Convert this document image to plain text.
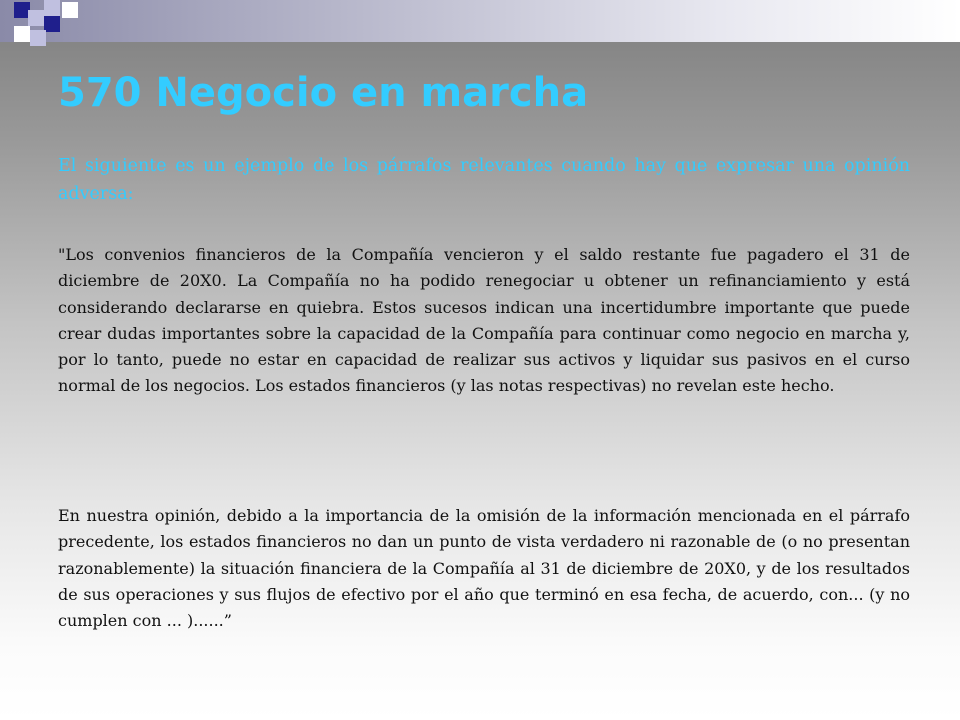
570 Negocio en marcha

El siguiente es un ejemplo de los párrafos relevantes cuando hay que expresar una opinión adversa:

"Los convenios financieros de la Compañía vencieron y el saldo restante fue pagadero el 31 de diciembre de 20X0. La Compañía no ha podido renegociar u obtener un refinanciamiento y está considerando declararse en quiebra. Estos sucesos indican una incertidumbre importante que puede crear dudas importantes sobre la capacidad de la Compañía para continuar como negocio en marcha y, por lo tanto, puede no estar en capacidad de realizar sus activos y liquidar sus pasivos en el curso normal de los negocios. Los estados financieros (y las notas respectivas) no revelan este hecho.

En nuestra opinión, debido a la importancia de la omisión de la información mencionada en el párrafo precedente, los estados financieros no dan un punto de vista verdadero ni razonable de (o no presentan razonablemente) la situación financiera de la Compañía al 31 de diciembre de 20X0, y de los resultados de sus operaciones y sus flujos de efectivo por el año que terminó en esa fecha, de acuerdo, con... (y no cumplen con ... )......”
